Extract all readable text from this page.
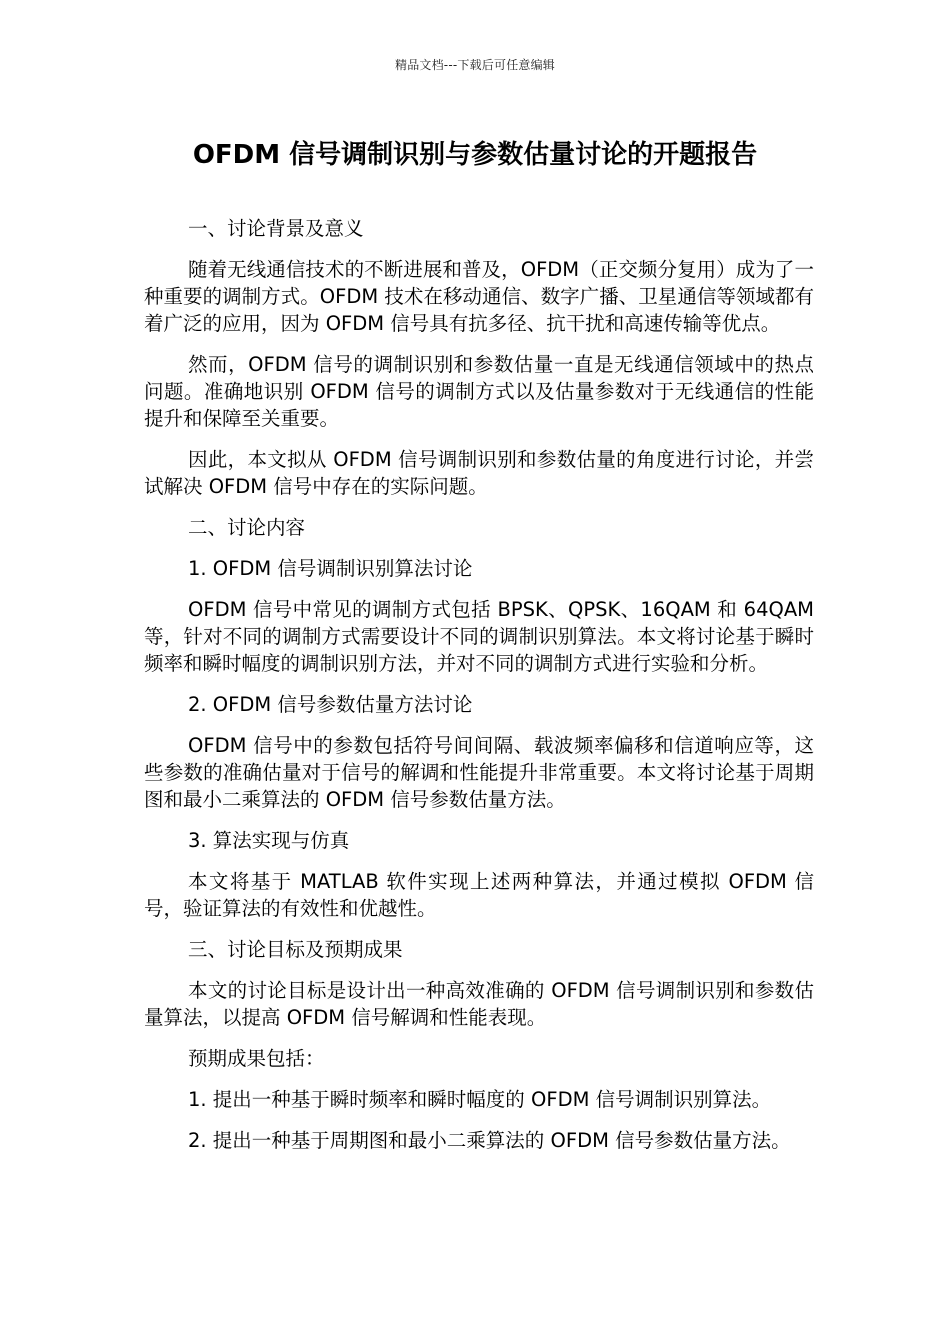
精品文档---下载后可任意编辑
OFDM 信号调制识别与参数估量讨论的开题报告

一、讨论背景及意义

随着无线通信技术的不断进展和普及，OFDM（正交频分复用）成为了一种重要的调制方式。OFDM 技术在移动通信、数字广播、卫星通信等领域都有着广泛的应用，因为 OFDM 信号具有抗多径、抗干扰和高速传输等优点。

然而，OFDM 信号的调制识别和参数估量一直是无线通信领域中的热点问题。准确地识别 OFDM 信号的调制方式以及估量参数对于无线通信的性能提升和保障至关重要。

因此，本文拟从 OFDM 信号调制识别和参数估量的角度进行讨论，并尝试解决 OFDM 信号中存在的实际问题。

二、讨论内容

1. OFDM 信号调制识别算法讨论

OFDM 信号中常见的调制方式包括 BPSK、QPSK、16QAM 和 64QAM 等，针对不同的调制方式需要设计不同的调制识别算法。本文将讨论基于瞬时频率和瞬时幅度的调制识别方法，并对不同的调制方式进行实验和分析。

2. OFDM 信号参数估量方法讨论

OFDM 信号中的参数包括符号间间隔、载波频率偏移和信道响应等，这些参数的准确估量对于信号的解调和性能提升非常重要。本文将讨论基于周期图和最小二乘算法的 OFDM 信号参数估量方法。

3. 算法实现与仿真

本文将基于 MATLAB 软件实现上述两种算法，并通过模拟 OFDM 信号，验证算法的有效性和优越性。

三、讨论目标及预期成果

本文的讨论目标是设计出一种高效准确的 OFDM 信号调制识别和参数估量算法，以提高 OFDM 信号解调和性能表现。

预期成果包括：

1. 提出一种基于瞬时频率和瞬时幅度的 OFDM 信号调制识别算法。

2. 提出一种基于周期图和最小二乘算法的 OFDM 信号参数估量方法。
